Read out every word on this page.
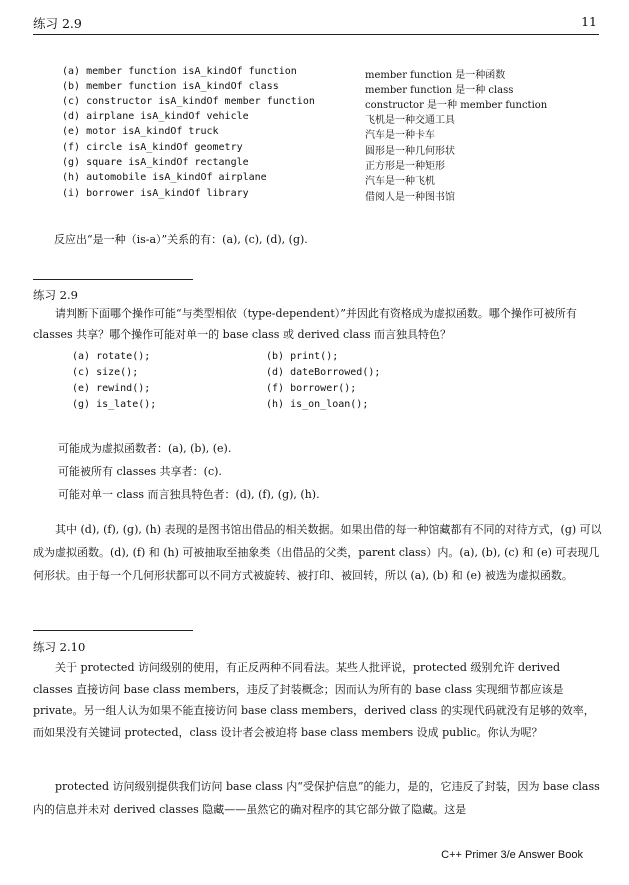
练习 2.9	11
(a) member function isA_kindOf function	member function 是一种函数
(b) member function isA_kindOf class	member function 是一种 class
(c) constructor isA_kindOf member function	constructor 是一种 member function
(d) airplane isA_kindOf vehicle	飞机是一种交通工具
(e) motor isA_kindOf truck	汽车是一种卡车
(f) circle isA_kindOf geometry	圆形是一种几何形状
(g) square isA_kindOf rectangle	正方形是一种矩形
(h) automobile isA_kindOf airplane	汽车是一种飞机
(i) borrower isA_kindOf library	借阅人是一种图书馆
反应出“是一种（is-a）”关系的有：(a), (c), (d), (g).
练习 2.9
请判断下面哪个操作可能“与类型相依（type-dependent）”并因此有资格成为虚拟函数。哪个操作可被所有 classes 共享？哪个操作可能对单一的 base class 或 derived class 而言独具特色？
(a) rotate();	(b) print();
(c) size();	(d) dateBorrowed();
(e) rewind();	(f) borrower();
(g) is_late();	(h) is_on_loan();
可能成为虚拟函数者：(a), (b), (e).
可能被所有 classes 共享者：(c).
可能对单一 class 而言独具特色者：(d), (f), (g), (h).
其中 (d), (f), (g), (h) 表现的是图书馆出借品的相关数据。如果出借的每一种馆藏都有不同的对待方式，(g) 可以成为虚拟函数。(d), (f) 和 (h) 可被抽取至抽象类（出借品的父类，parent class）内。(a), (b), (c) 和 (e) 可表现几何形状。由于每一个几何形状都可以不同方式被旋转、被打印、被回转，所以 (a), (b) 和 (e) 被选为虚拟函数。
练习 2.10
关于 protected 访问级别的使用，有正反两种不同看法。某些人批评说，protected 级别允许 derived classes 直接访问 base class members，违反了封装概念；因而认为所有的 base class 实现细节都应该是 private。另一组人认为如果不能直接访问 base class members，derived class 的实现代码就没有足够的效率，而如果没有关键词 protected，class 设计者会被迫将 base class members 设成 public。你认为呢？
protected 访问级别提供我们访问 base class 内“受保护信息”的能力，是的，它违反了封装，因为 base class 内的信息并未对 derived classes 隐藏——虽然它的确对程序的其它部分做了隐藏。这是
C++ Primer 3/e Answer Book
